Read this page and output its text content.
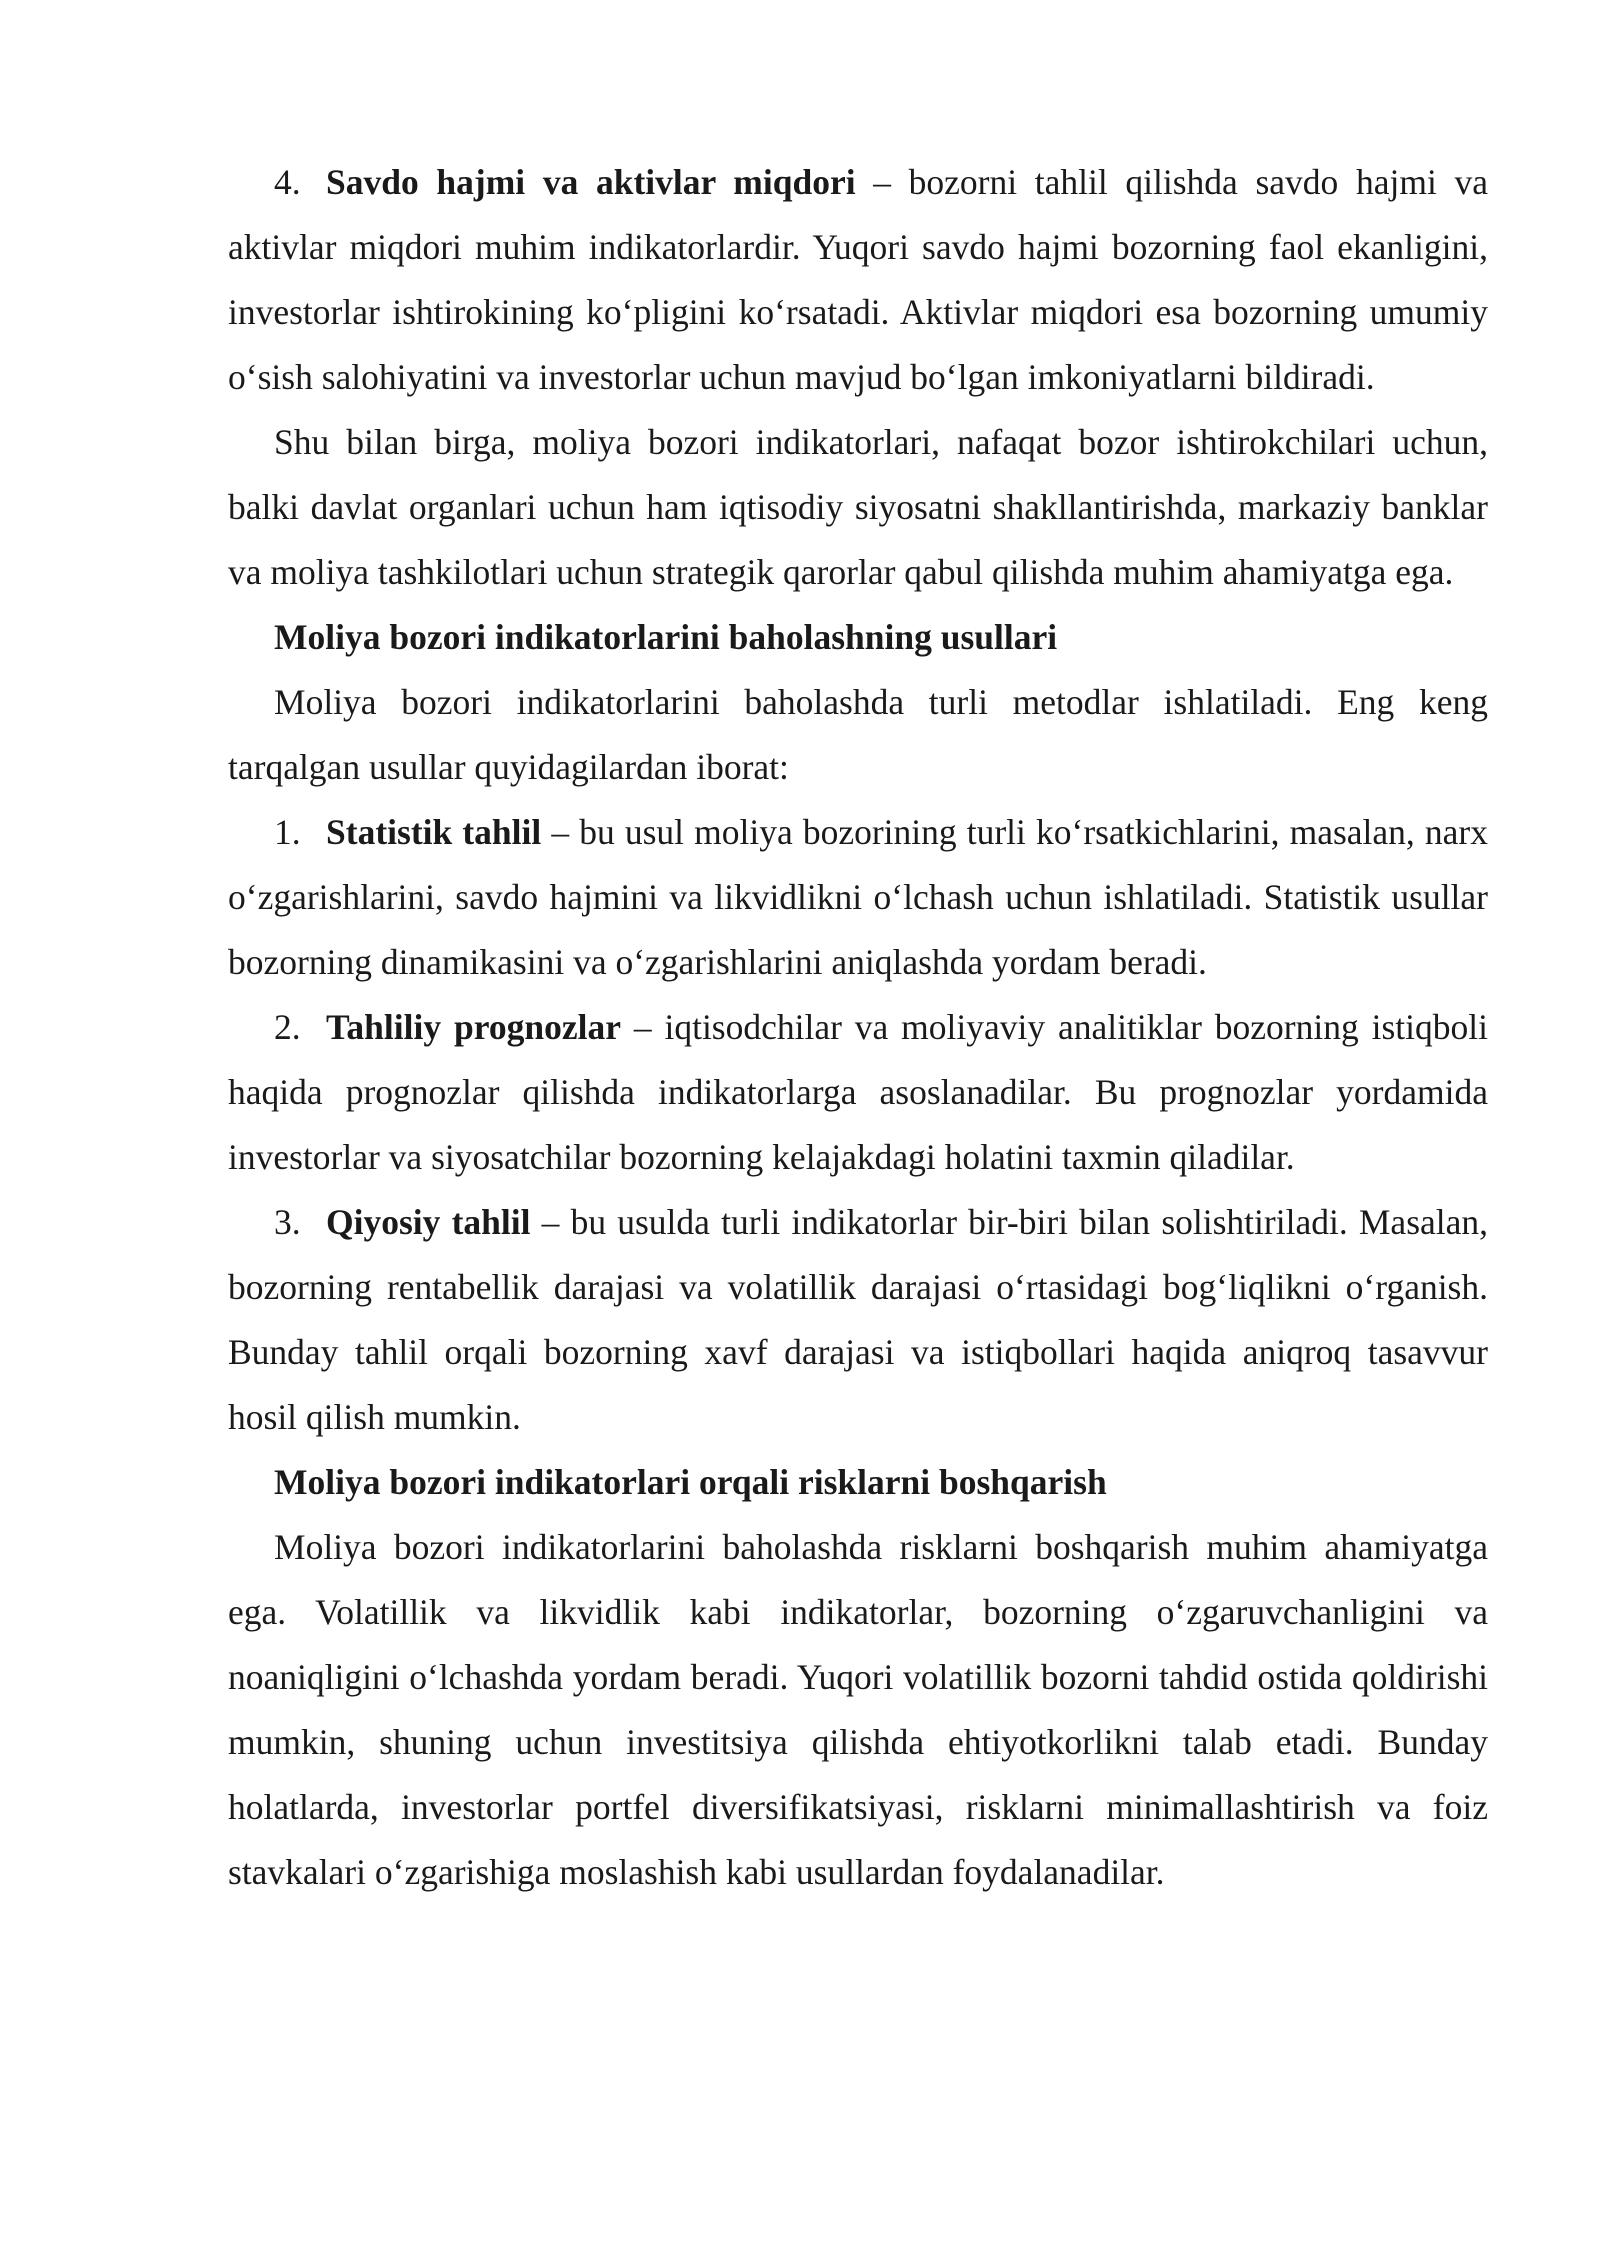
4. Savdo hajmi va aktivlar miqdori – bozorni tahlil qilishda savdo hajmi va aktivlar miqdori muhim indikatorlardir. Yuqori savdo hajmi bozorning faol ekanligini, investorlar ishtirokining ko‘pligini ko‘rsatadi. Aktivlar miqdori esa bozorning umumiy o‘sish salohiyatini va investorlar uchun mavjud bo‘lgan imkoniyatlarni bildiradi.

Shu bilan birga, moliya bozori indikatorlari, nafaqat bozor ishtirokchilari uchun, balki davlat organlari uchun ham iqtisodiy siyosatni shakllantirishda, markaziy banklar va moliya tashkilotlari uchun strategik qarorlar qabul qilishda muhim ahamiyatga ega.

Moliya bozori indikatorlarini baholashning usullari

Moliya bozori indikatorlarini baholashda turli metodlar ishlatiladi. Eng keng tarqalgan usullar quyidagilardan iborat:

1. Statistik tahlil – bu usul moliya bozorining turli ko‘rsatkichlarini, masalan, narx o‘zgarishlarini, savdo hajmini va likvidlikni o‘lchash uchun ishlatiladi. Statistik usullar bozorning dinamikasini va o‘zgarishlarini aniqlashda yordam beradi.

2. Tahliliy prognozlar – iqtisodchilar va moliyaviy analitiklar bozorning istiqboli haqida prognozlar qilishda indikatorlarga asoslanadilar. Bu prognozlar yordamida investorlar va siyosatchilar bozorning kelajakdagi holatini taxmin qiladilar.

3. Qiyosiy tahlil – bu usulda turli indikatorlar bir-biri bilan solishtiriladi. Masalan, bozorning rentabellik darajasi va volatillik darajasi o‘rtasidagi bog‘liqlikni o‘rganish. Bunday tahlil orqali bozorning xavf darajasi va istiqbollari haqida aniqroq tasavvur hosil qilish mumkin.

Moliya bozori indikatorlari orqali risklarni boshqarish

Moliya bozori indikatorlarini baholashda risklarni boshqarish muhim ahamiyatga ega. Volatillik va likvidlik kabi indikatorlar, bozorning o‘zgaruvchanligini va noaniqligini o‘lchashda yordam beradi. Yuqori volatillik bozorni tahdid ostida qoldirishi mumkin, shuning uchun investitsiya qilishda ehtiyotkorlikni talab etadi. Bunday holatlarda, investorlar portfel diversifikatsiyasi, risklarni minimallashtirish va foiz stavkalari o‘zgarishiga moslashish kabi usullardan foydalanadilar.
